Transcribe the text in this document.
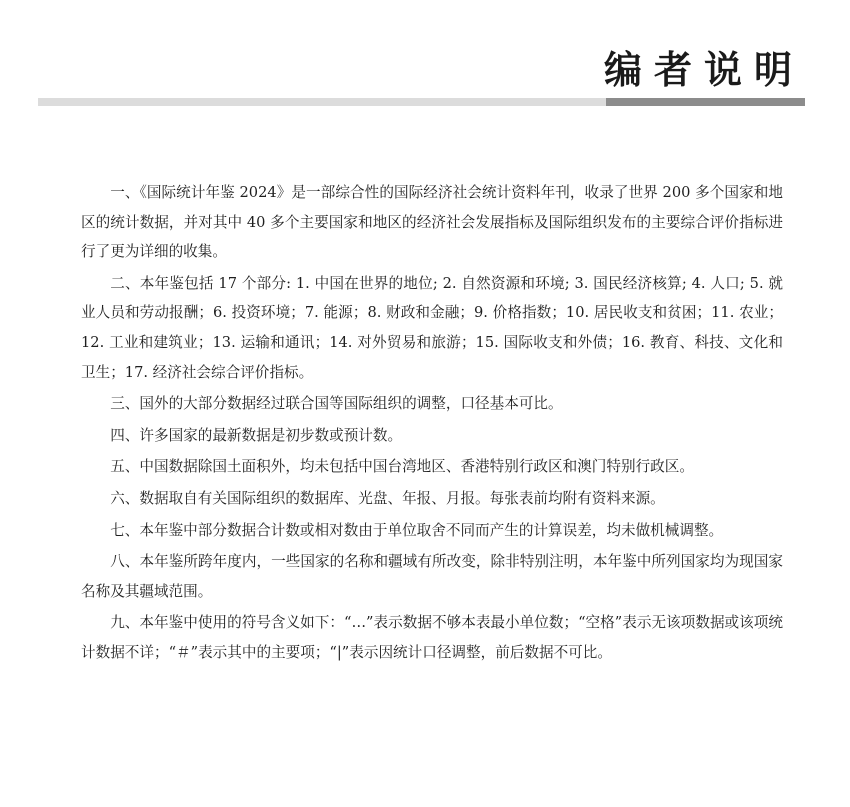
编者说明

一、《国际统计年鉴 2024》是一部综合性的国际经济社会统计资料年刊，收录了世界 200 多个国家和地区的统计数据，并对其中 40 多个主要国家和地区的经济社会发展指标及国际组织发布的主要综合评价指标进行了更为详细的收集。

二、本年鉴包括 17 个部分: 1. 中国在世界的地位; 2. 自然资源和环境; 3. 国民经济核算; 4. 人口; 5. 就业人员和劳动报酬；6. 投资环境；7. 能源；8. 财政和金融；9. 价格指数；10. 居民收支和贫困；11. 农业；12. 工业和建筑业；13. 运输和通讯；14. 对外贸易和旅游；15. 国际收支和外债；16. 教育、科技、文化和卫生；17. 经济社会综合评价指标。

三、国外的大部分数据经过联合国等国际组织的调整，口径基本可比。

四、许多国家的最新数据是初步数或预计数。

五、中国数据除国土面积外，均未包括中国台湾地区、香港特别行政区和澳门特别行政区。

六、数据取自有关国际组织的数据库、光盘、年报、月报。每张表前均附有资料来源。

七、本年鉴中部分数据合计数或相对数由于单位取舍不同而产生的计算误差，均未做机械调整。

八、本年鉴所跨年度内，一些国家的名称和疆域有所改变，除非特别注明，本年鉴中所列国家均为现国家名称及其疆域范围。

九、本年鉴中使用的符号含义如下：“…”表示数据不够本表最小单位数；“空格”表示无该项数据或该项统计数据不详；“＃”表示其中的主要项；“|”表示因统计口径调整，前后数据不可比。
